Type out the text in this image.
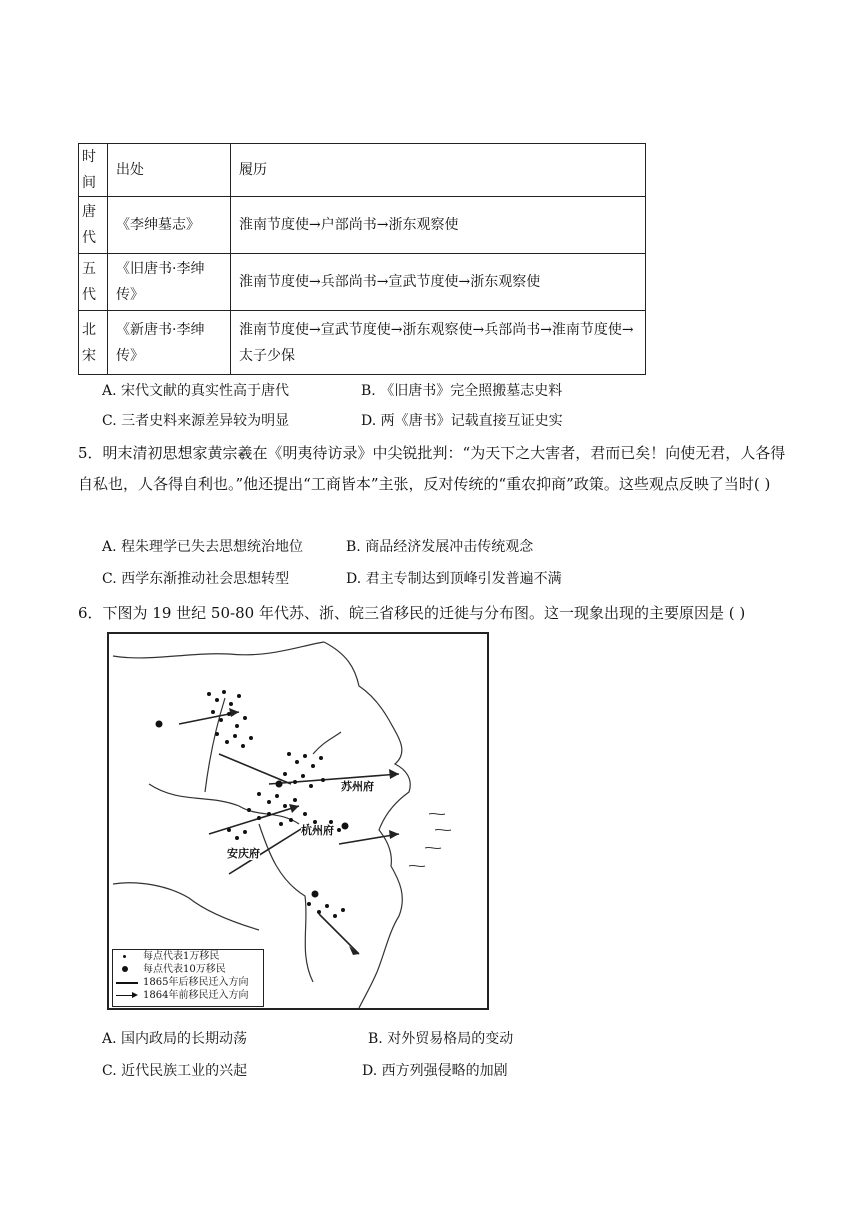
时间	出处	履历
唐代	《李绅墓志》	淮南节度使→户部尚书→浙东观察使
五代	《旧唐书·李绅传》	淮南节度使→兵部尚书→宣武节度使→浙东观察使
北宋	《新唐书·李绅传》	淮南节度使→宣武节度使→浙东观察使→兵部尚书→淮南节度使→太子少保
A. 宋代文献的真实性高于唐代	B. 《旧唐书》完全照搬墓志史料
C. 三者史料来源差异较为明显	D. 两《唐书》记载直接互证史实
5．明末清初思想家黄宗羲在《明夷待访录》中尖锐批判：“为天下之大害者，君而已矣！向使无君，人各得自私也，人各得自利也。”他还提出“工商皆本”主张，反对传统的“重农抑商”政策。这些观点反映了当时( )
A. 程朱理学已失去思想统治地位	B. 商品经济发展冲击传统观念
C. 西学东渐推动社会思想转型	D. 君主专制达到顶峰引发普遍不满
6．下图为 19 世纪 50-80 年代苏、浙、皖三省移民的迁徙与分布图。这一现象出现的主要原因是 ( )
苏州府
杭州府
安庆府
每点代表1万移民
每点代表10万移民
1865年后移民迁入方向
1864年前移民迁入方向
A. 国内政局的长期动荡	B. 对外贸易格局的变动
C. 近代民族工业的兴起	D. 西方列强侵略的加剧
